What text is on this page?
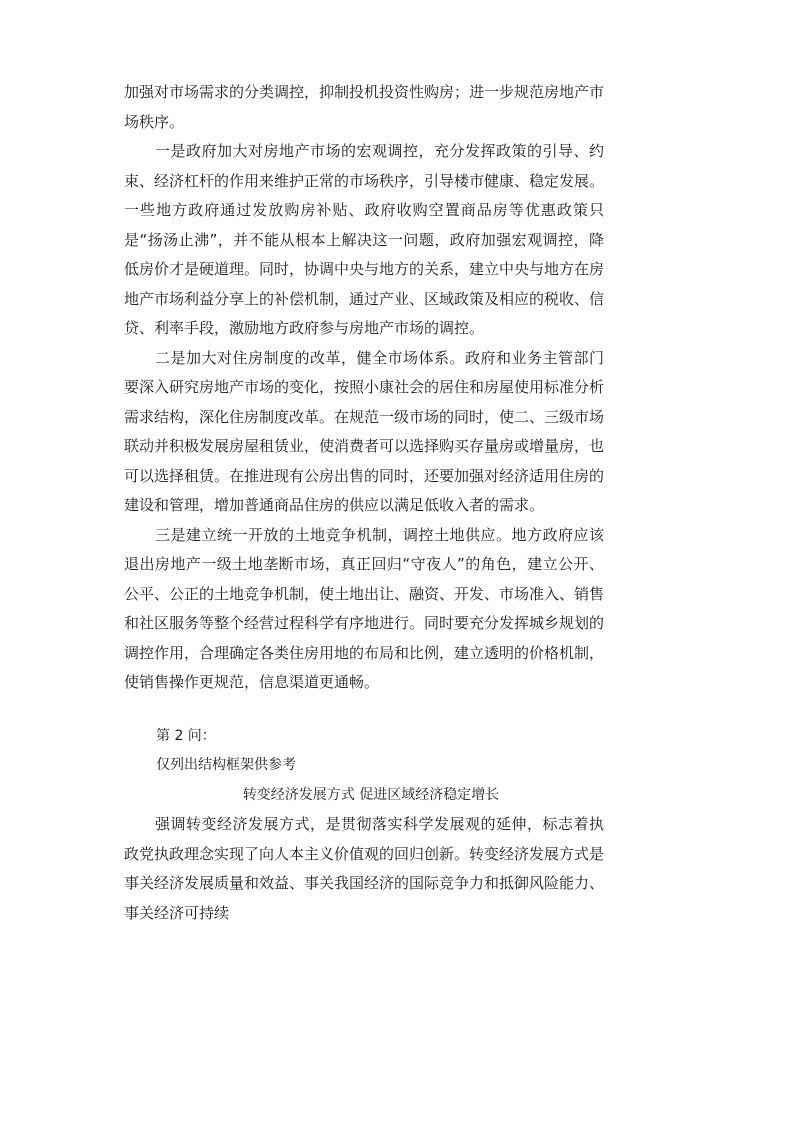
加强对市场需求的分类调控，抑制投机投资性购房；进一步规范房地产市场秩序。

一是政府加大对房地产市场的宏观调控，充分发挥政策的引导、约束、经济杠杆的作用来维护正常的市场秩序，引导楼市健康、稳定发展。一些地方政府通过发放购房补贴、政府收购空置商品房等优惠政策只是“扬汤止沸”，并不能从根本上解决这一问题，政府加强宏观调控，降低房价才是硬道理。同时，协调中央与地方的关系，建立中央与地方在房地产市场利益分享上的补偿机制，通过产业、区域政策及相应的税收、信贷、利率手段，激励地方政府参与房地产市场的调控。

二是加大对住房制度的改革，健全市场体系。政府和业务主管部门要深入研究房地产市场的变化，按照小康社会的居住和房屋使用标准分析需求结构，深化住房制度改革。在规范一级市场的同时，使二、三级市场联动并积极发展房屋租赁业，使消费者可以选择购买存量房或增量房，也可以选择租赁。在推进现有公房出售的同时，还要加强对经济适用住房的建设和管理，增加普通商品住房的供应以满足低收入者的需求。

三是建立统一开放的土地竞争机制，调控土地供应。地方政府应该退出房地产一级土地垄断市场，真正回归“守夜人”的角色，建立公开、公平、公正的土地竞争机制，使土地出让、融资、开发、市场准入、销售和社区服务等整个经营过程科学有序地进行。同时要充分发挥城乡规划的调控作用，合理确定各类住房用地的布局和比例，建立透明的价格机制，使销售操作更规范，信息渠道更通畅。

第 2 问：

仅列出结构框架供参考

转变经济发展方式 促进区域经济稳定增长

强调转变经济发展方式，是贯彻落实科学发展观的延伸，标志着执政党执政理念实现了向人本主义价值观的回归创新。转变经济发展方式是事关经济发展质量和效益、事关我国经济的国际竞争力和抵御风险能力、事关经济可持续
